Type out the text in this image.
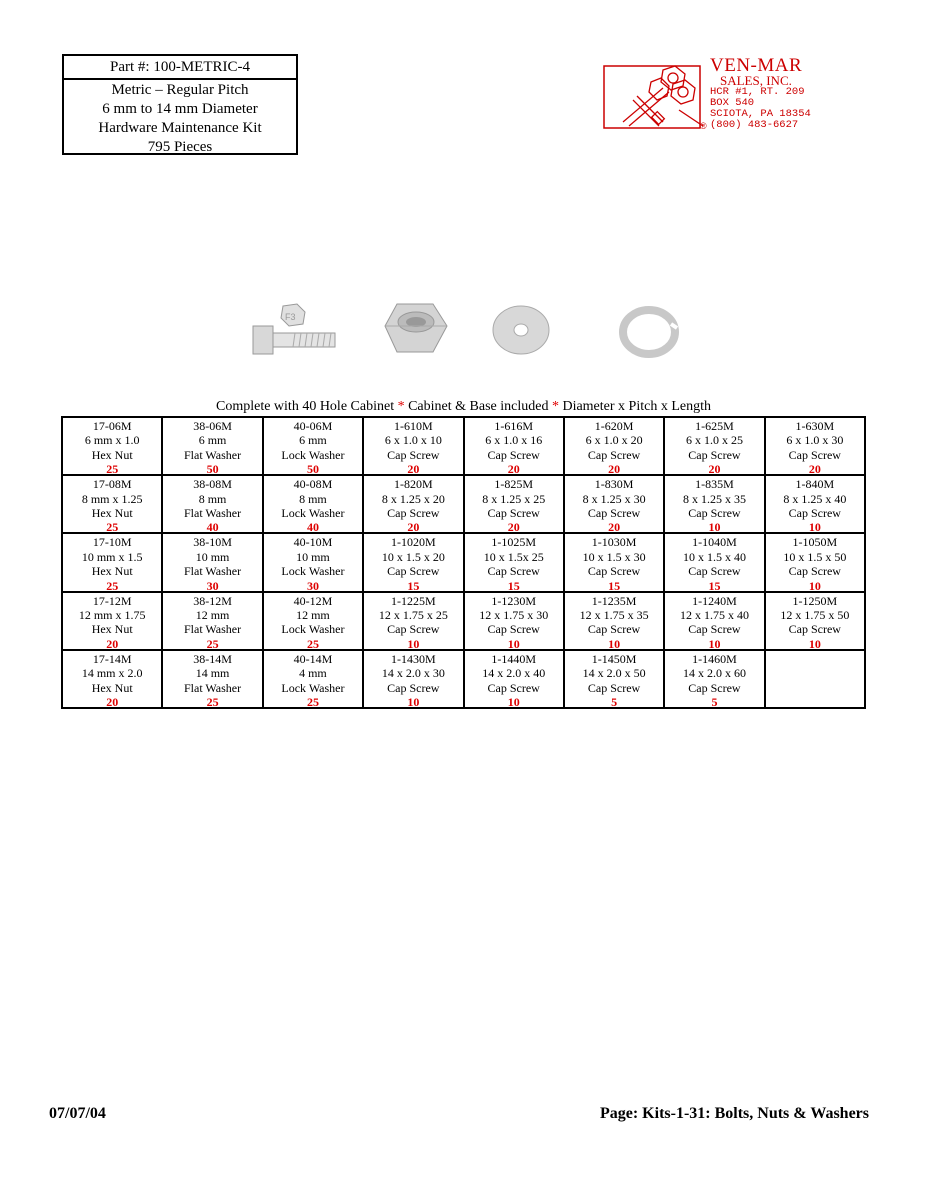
Part #: 100-METRIC-4
Metric – Regular Pitch
6 mm to 14 mm Diameter
Hardware Maintenance Kit
795 Pieces
®
VEN-MAR
SALES, INC.
HCR #1, RT. 209
BOX 540
SCIOTA, PA 18354
(800) 483-6627
F3
Complete with 40 Hole Cabinet * Cabinet & Base included * Diameter x Pitch x Length
17-06M
6 mm x 1.0
Hex Nut
25
38-06M
6 mm
Flat Washer
50
40-06M
6 mm
Lock Washer
50
1-610M
6 x 1.0 x 10
Cap Screw
20
1-616M
6 x 1.0 x 16
Cap Screw
20
1-620M
6 x 1.0 x 20
Cap Screw
20
1-625M
6 x 1.0 x 25
Cap Screw
20
1-630M
6 x 1.0 x 30
Cap Screw
20
17-08M
8 mm x 1.25
Hex Nut
25
38-08M
8 mm
Flat Washer
40
40-08M
8 mm
Lock Washer
40
1-820M
8 x 1.25 x 20
Cap Screw
20
1-825M
8 x 1.25 x 25
Cap Screw
20
1-830M
8 x 1.25 x 30
Cap Screw
20
1-835M
8 x 1.25 x 35
Cap Screw
10
1-840M
8 x 1.25 x 40
Cap Screw
10
17-10M
10 mm x 1.5
Hex Nut
25
38-10M
10 mm
Flat Washer
30
40-10M
10 mm
Lock Washer
30
1-1020M
10 x 1.5 x 20
Cap Screw
15
1-1025M
10 x 1.5x 25
Cap Screw
15
1-1030M
10 x 1.5 x 30
Cap Screw
15
1-1040M
10 x 1.5 x 40
Cap Screw
15
1-1050M
10 x 1.5 x 50
Cap Screw
10
17-12M
12 mm x 1.75
Hex Nut
20
38-12M
12 mm
Flat Washer
25
40-12M
12 mm
Lock Washer
25
1-1225M
12 x 1.75 x 25
Cap Screw
10
1-1230M
12 x 1.75 x 30
Cap Screw
10
1-1235M
12 x 1.75 x 35
Cap Screw
10
1-1240M
12 x 1.75 x 40
Cap Screw
10
1-1250M
12 x 1.75 x 50
Cap Screw
10
17-14M
14 mm x 2.0
Hex Nut
20
38-14M
14 mm
Flat Washer
25
40-14M
4 mm
Lock Washer
25
1-1430M
14 x 2.0 x 30
Cap Screw
10
1-1440M
14 x 2.0 x 40
Cap Screw
10
1-1450M
14 x 2.0 x 50
Cap Screw
5
1-1460M
14 x 2.0 x 60
Cap Screw
5
07/07/04	Page: Kits-1-31: Bolts, Nuts & Washers
